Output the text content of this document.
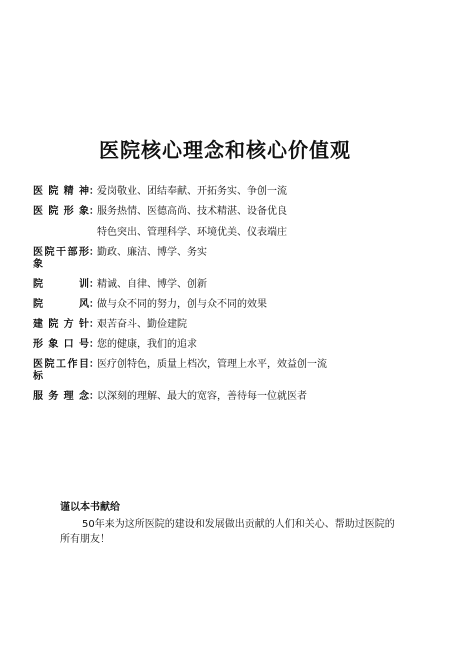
医院核心理念和核心价值观
医院精神 ：
爱岗敬业、团结奉献、开拓务实、争创一流
医院形象 ：
服务热情、医德高尚、技术精湛、设备优良
特色突出、管理科学、环境优美、仪表端庄
医院干部形象
：
勤政、廉洁、博学、务实
院训 ：
精诚、自律、博学、创新
院风 ：
做与众不同的努力，创与众不同的效果
建院方针 ：
艰苦奋斗、勤俭建院
形象口号 ：
您的健康，我们的追求
医院工作目标
：
医疗创特色，质量上档次，管理上水平，效益创一流
服务理念 ：
以深刻的理解、最大的宽容，善待每一位就医者
谨以本书献给
50年来为这所医院的建设和发展做出贡献的人们和关心、帮助过医院的所有朋友！
